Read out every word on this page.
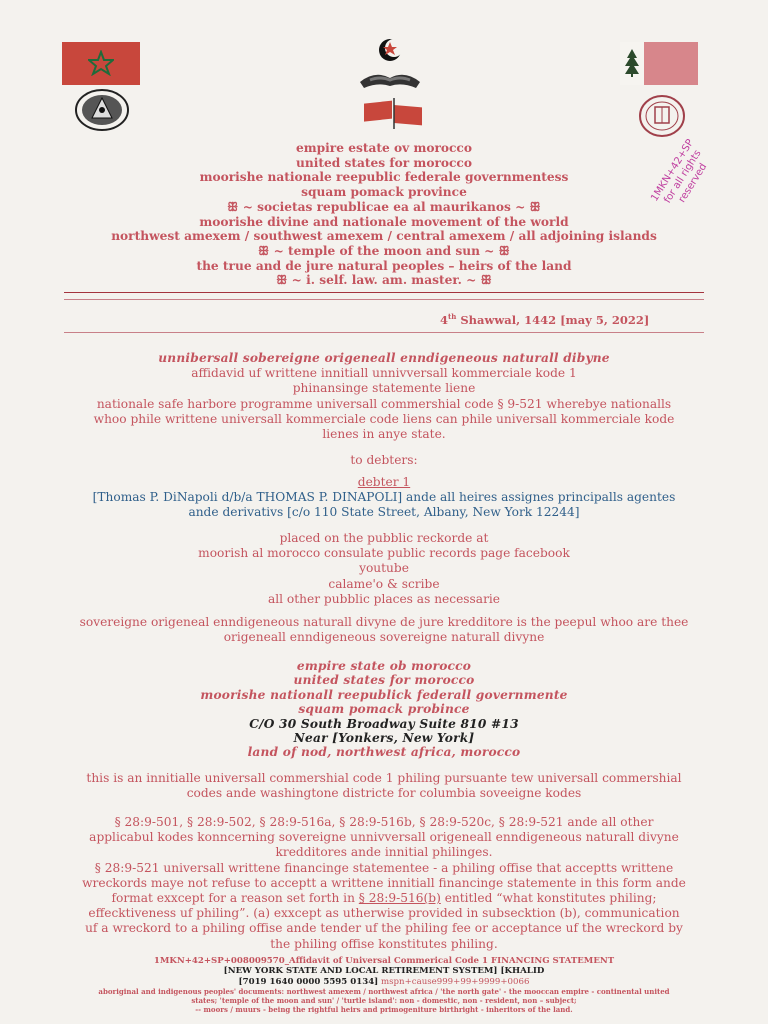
1MKN+42+SP
for all rights
reserved
empire estate ov morocco
united states for morocco
moorishe nationale reepublic federale governmentess
squam pomack province
ꕥ ~ societas republicae ea al maurikanos ~ ꕥ
moorishe divine and nationale movement of the world
northwest amexem / southwest amexem / central amexem / all adjoining islands
ꕥ ~ temple of the moon and sun ~ ꕥ
the true and de jure natural peoples – heirs of the land
ꕥ ~ i. self. law. am. master. ~ ꕥ
4th Shawwal, 1442 [may 5, 2022]
unnibersall sobereigne origeneall enndigeneous naturall dibyne
affidavid uf writtene innitiall unnivversall kommerciale kode 1
phinansinge statemente liene
nationale safe harbore programme universall commershial code § 9-521 wherebye nationalls
whoo phile writtene universall kommerciale code liens can phile universall kommerciale kode
lienes in anye state.
to debters:
debter 1
[Thomas P. DiNapoli d/b/a THOMAS P. DINAPOLI] ande all heires assignes principalls agentes
ande derivativs [c/o 110 State Street, Albany, New York 12244]
placed on the pubblic reckorde at
moorish al morocco consulate public records page facebook
youtube
calame'o & scribe
all other pubblic places as necessarie
sovereigne origeneal enndigeneous naturall divyne de jure kredditore is the peepul whoo are thee
origeneall enndigeneous sovereigne naturall divyne
empire state ob morocco
united states for morocco
moorishe nationall reepublick federall governmente
squam pomack probince
C/O 30 South Broadway Suite 810 #13
Near [Yonkers, New York]
land of nod, northwest africa, morocco
this is an innitialle universall commershial code 1 philing pursuante tew universall commershial
codes ande washingtone districte for columbia soveeigne kodes
§ 28:9-501, § 28:9-502, § 28:9-516a, § 28:9-516b, § 28:9-520c, § 28:9-521 ande all other
applicabul kodes konncerning sovereigne unnivversall origeneall enndigeneous naturall divyne
kredditores ande innitial philinges.
§ 28:9-521 universall writtene financinge statementee - a philing offise that acceptts writtene
wreckords mayе not refuse to acceptt a writtene innitiall financinge statemente in this form ande
format exxcept for a reason set forth in § 28:9-516(b) entitled “what konstitutes philing;
effecktiveness uf philing”. (a) exxcept as utherwise provided in subsecktion (b), communication
uf a wreckord to a philing offise ande tender uf the philing fee or acceptance uf the wreckord by
the philing offise konstitutes philing.
1MKN+42+SP+008009570_Affidavit of Universal Commerical Code 1 FINANCING STATEMENT
[NEW YORK STATE AND LOCAL RETIREMENT SYSTEM] [KHALID
[7019 1640 0000 5595 0134] mspn+cause999+99+9999+0066
aboriginal and indigenous peoples' documents: northwest amexem / northwest africa / 'the north gate' - the mooccan empire - continental united
states; 'temple of the moon and sun' / 'turtle island': non - domestic, non - resident, non – subject;
-- moors / muurs - being the rightful heirs and primogeniture birthright - inheritors of the land.
